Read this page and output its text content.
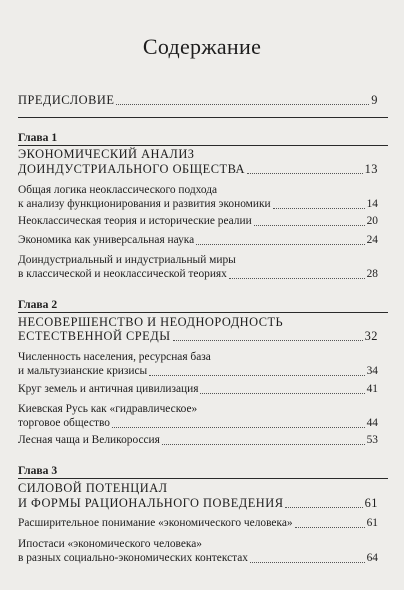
Содержание
ПРЕДИСЛОВИЕ	9
Глава 1
ЭКОНОМИЧЕСКИЙ АНАЛИЗ
ДОИНДУСТРИАЛЬНОГО ОБЩЕСТВА	13
Общая логика неоклассического подхода
к анализу функционирования и развития экономики	14
Неоклассическая теория и исторические реалии	20
Экономика как универсальная наука	24
Доиндустриальный и индустриальный миры
в классической и неоклассической теориях	28
Глава 2
НЕСОВЕРШЕНСТВО И НЕОДНОРОДНОСТЬ
ЕСТЕСТВЕННОЙ СРЕДЫ	32
Численность населения, ресурсная база
и мальтузианские кризисы	34
Круг земель и античная цивилизация	41
Киевская Русь как «гидравлическое»
торговое общество	44
Лесная чаща и Великороссия	53
Глава 3
СИЛОВОЙ ПОТЕНЦИАЛ
И ФОРМЫ РАЦИОНАЛЬНОГО ПОВЕДЕНИЯ	61
Расширительное понимание «экономического человека»	61
Ипостаси «экономического человека»
в разных социально-экономических контекстах	64
